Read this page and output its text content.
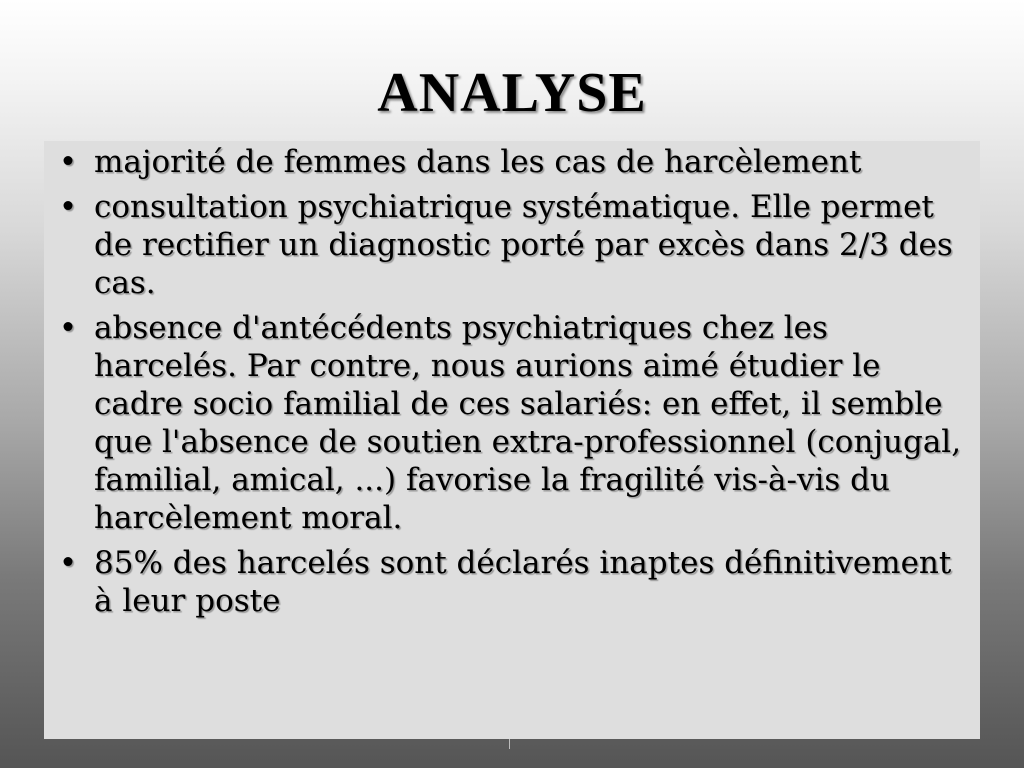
ANALYSE
• majorité de femmes dans les cas de harcèlement
• consultation psychiatrique systématique. Elle permet de rectifier un diagnostic porté par excès dans 2/3 des cas.
• absence d'antécédents psychiatriques chez les harcelés. Par contre, nous aurions aimé étudier le cadre socio familial de ces salariés: en effet, il semble que l'absence de soutien extra-professionnel (conjugal, familial, amical, ...) favorise la fragilité vis-à-vis du harcèlement moral.
• 85% des harcelés sont déclarés inaptes définitivement à leur poste
